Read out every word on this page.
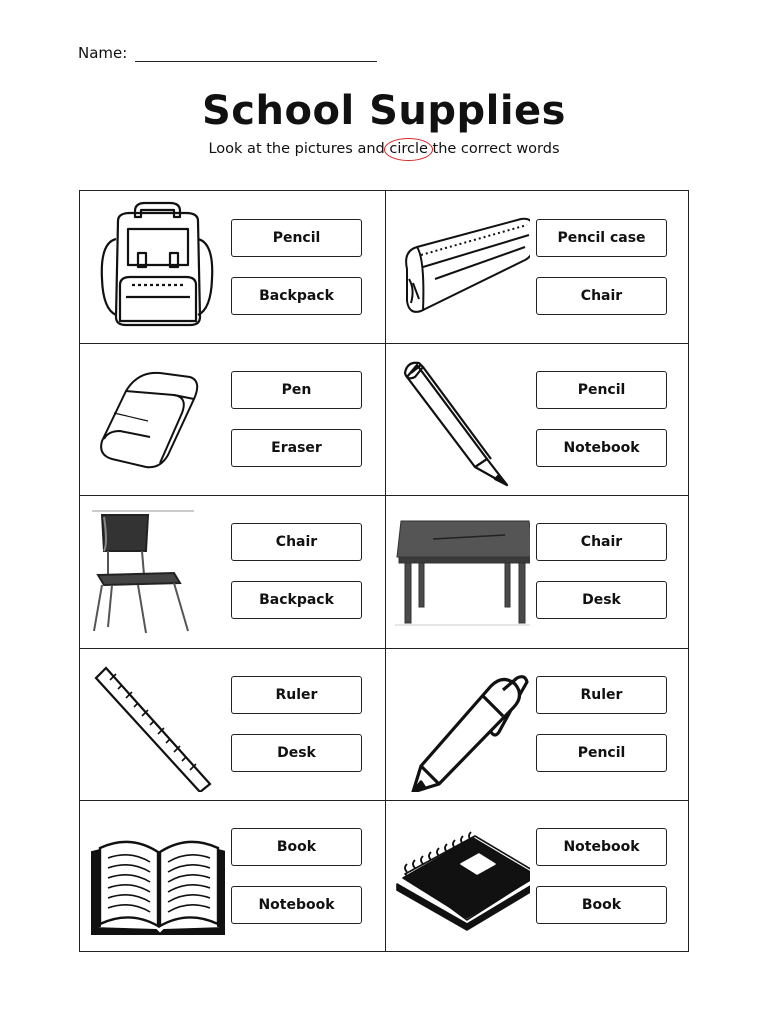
Name:
School Supplies
Look at the pictures and circle the correct words
Pencil
Backpack
Pencil case
Chair
Pen
Eraser
Pencil
Notebook
Chair
Backpack
Chair
Desk
Ruler
Desk
Ruler
Pencil
Book
Notebook
Notebook
Book
